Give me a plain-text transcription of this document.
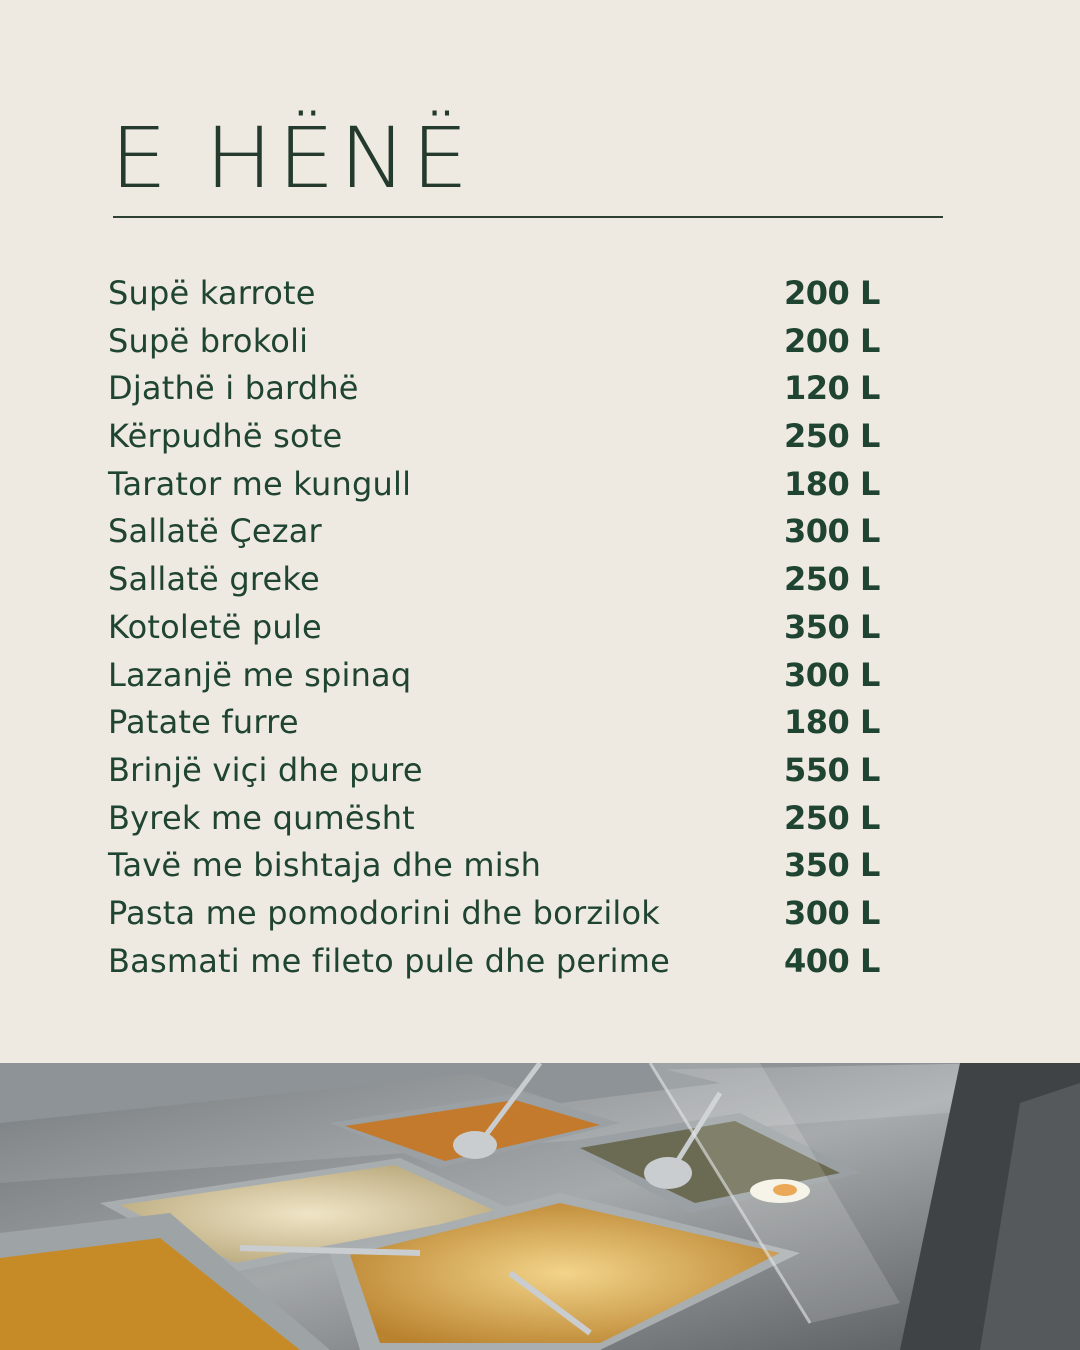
E HËNË
Supë karrote	200 L
Supë brokoli	200 L
Djathë i bardhë	120 L
Kërpudhë sote	250 L
Tarator me kungull	180 L
Sallatë Çezar	300 L
Sallatë greke	250 L
Kotoletë pule	350 L
Lazanjë me spinaq	300 L
Patate furre	180 L
Brinjë viçi dhe pure	550 L
Byrek me qumësht	250 L
Tavë me bishtaja dhe mish	350 L
Pasta me pomodorini dhe borzilok	300 L
Basmati me fileto pule dhe perime	400 L
